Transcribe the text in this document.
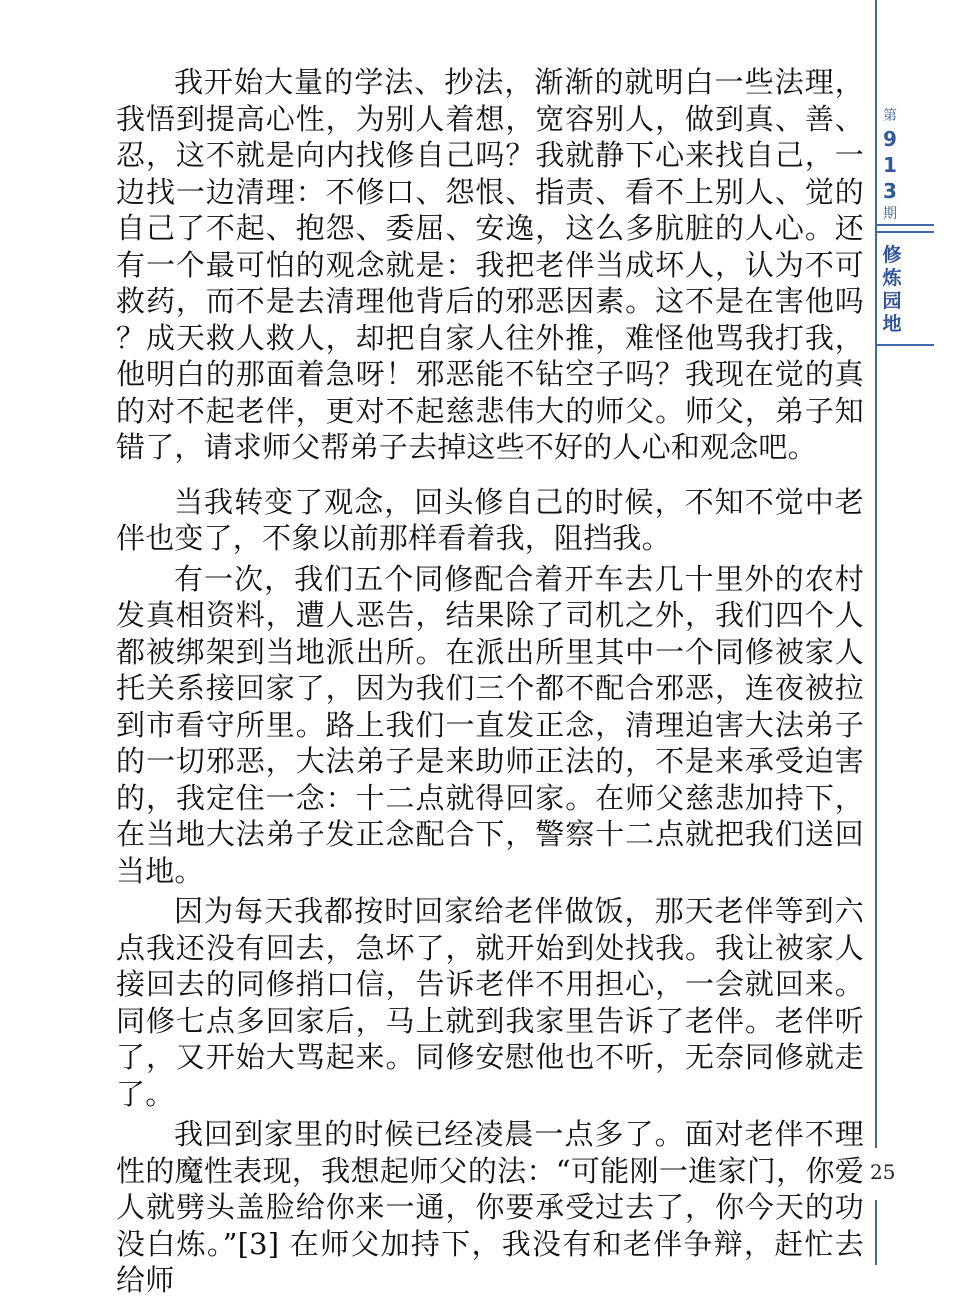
第
9
1
3
期
修
炼
园
地

我开始大量的学法、抄法，渐渐的就明白一些法理，我悟到提高心性，为别人着想，宽容别人，做到真、善、忍，这不就是向内找修自己吗？我就静下心来找自己，一边找一边清理：不修口、怨恨、指责、看不上别人、觉的自己了不起、抱怨、委屈、安逸，这么多肮脏的人心。还有一个最可怕的观念就是：我把老伴当成坏人，认为不可救药，而不是去清理他背后的邪恶因素。这不是在害他吗 ？成天救人救人，却把自家人往外推，难怪他骂我打我，他明白的那面着急呀！邪恶能不钻空子吗？我现在觉的真的对不起老伴，更对不起慈悲伟大的师父。师父，弟子知错了，请求师父帮弟子去掉这些不好的人心和观念吧。

当我转变了观念，回头修自己的时候，不知不觉中老伴也变了，不象以前那样看着我，阻挡我。

有一次，我们五个同修配合着开车去几十里外的农村发真相资料，遭人恶告，结果除了司机之外，我们四个人都被绑架到当地派出所。在派出所里其中一个同修被家人托关系接回家了，因为我们三个都不配合邪恶，连夜被拉到市看守所里。路上我们一直发正念，清理迫害大法弟子的一切邪恶，大法弟子是来助师正法的，不是来承受迫害的，我定住一念：十二点就得回家。在师父慈悲加持下，在当地大法弟子发正念配合下，警察十二点就把我们送回当地。

因为每天我都按时回家给老伴做饭，那天老伴等到六点我还没有回去，急坏了，就开始到处找我。我让被家人接回去的同修捎口信，告诉老伴不用担心，一会就回来。同修七点多回家后，马上就到我家里告诉了老伴。老伴听了，又开始大骂起来。同修安慰他也不听，无奈同修就走了。

我回到家里的时候已经凌晨一点多了。面对老伴不理性的魔性表现，我想起师父的法：“可能刚一進家门，你爱人就劈头盖脸给你来一通，你要承受过去了，你今天的功没白炼。”[3] 在师父加持下，我没有和老伴争辩，赶忙去给师

25
